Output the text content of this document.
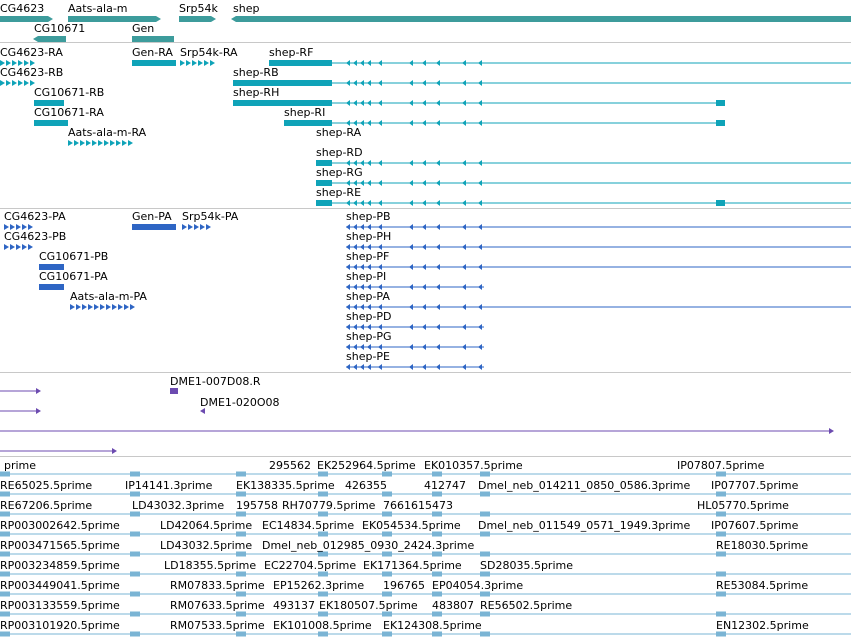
CG4623 Aats-ala-m	Srp54k shep
CG10671	Gen
CG4623-RA	Gen-RA Srp54k-RA	shep-RF
CG4623-RB	shep-RB
CG10671-RB	shep-RH
CG10671-RA	shep-RI
Aats-ala-m-RA	shep-RA
shep-RD
shep-RG
shep-RE
CG4623-PA	Gen-PA Srp54k-PA	shep-PB
CG4623-PB	shep-PH
CG10671-PB	shep-PF
CG10671-PA	shep-PI
Aats-ala-m-PA	shep-PA
shep-PD
shep-PG
shep-PE
DME1-007D08.R
DME1-020O08
prime	295562 EK252964.5prime EK010357.5prime	IP07807.5prime
RE65025.5prime	IP14141.3prime EK138335.5prime 426355	412747 Dmel_neb_014211_0850_0586.3prime IP07707.5prime
RE67206.5prime	LD43032.3prime 195758 RH70779.5prime 7661615473	HL05770.5prime
RP003002642.5prime	LD42064.5prime EC14834.5prime EK054534.5prime Dmel_neb_011549_0571_1949.3prime IP07607.5prime
RP003471565.5prime	LD43032.5prime Dmel_neb_012985_0930_2424.3prime	RE18030.5prime
RP003234859.5prime	LD18355.5prime EC22704.5prime EK171364.5prime SD28035.5prime
RP003449041.5prime	RM07833.5prime EP15262.3prime 196765 EP04054.3prime	RE53084.5prime
RP003133559.5prime	RM07633.5prime 493137 EK180507.5prime 483807 RE56502.5prime
RP003101920.5prime	RM07533.5prime EK101008.5prime EK124308.5prime	EN12302.5prime
